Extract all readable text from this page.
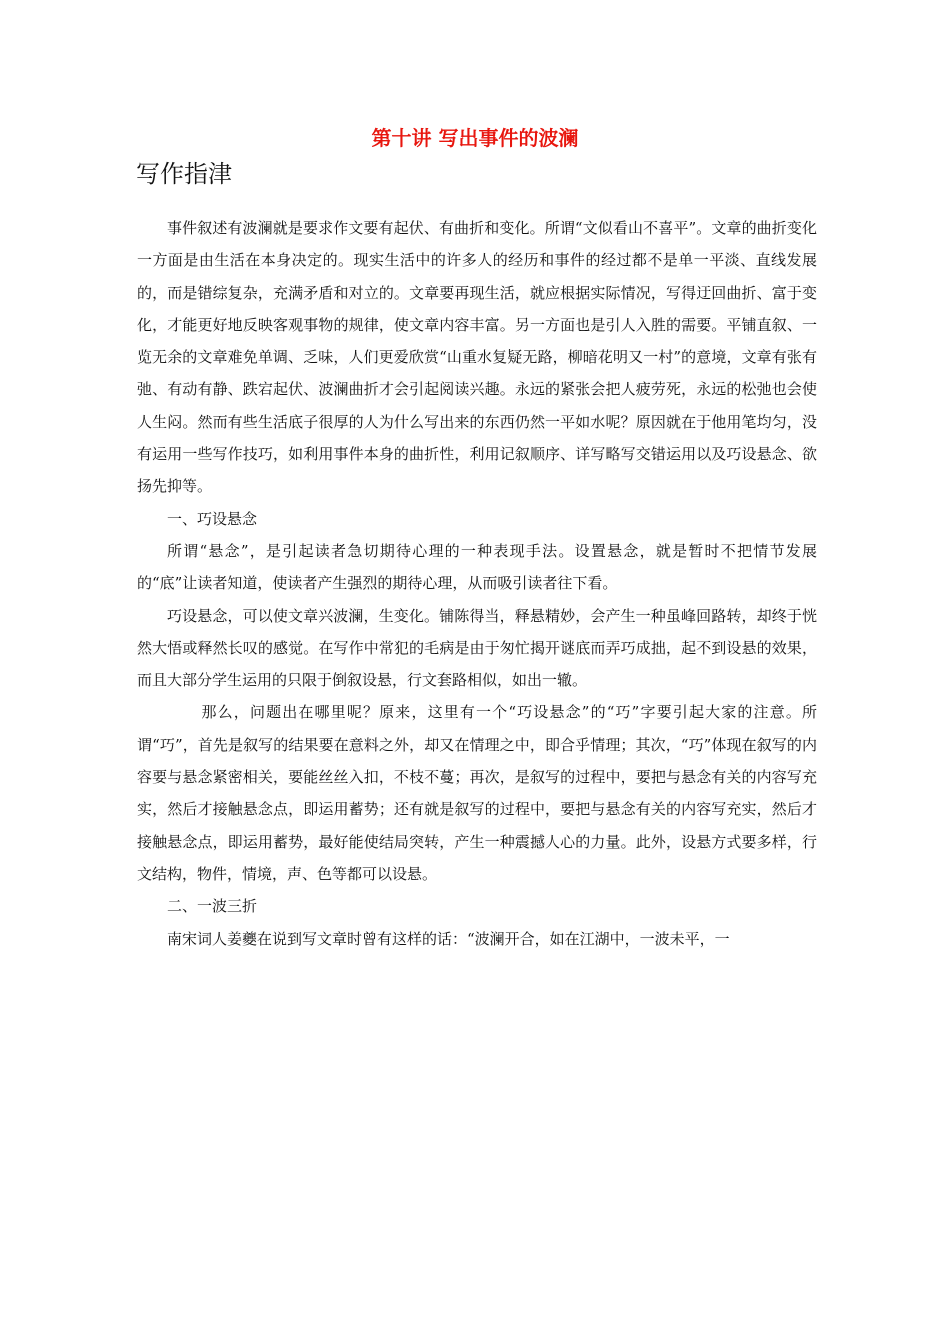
第十讲 写出事件的波澜
写作指津

事件叙述有波澜就是要求作文要有起伏、有曲折和变化。所谓“文似看山不喜平”。文章的曲折变化一方面是由生活在本身决定的。现实生活中的许多人的经历和事件的经过都不是单一平淡、直线发展的，而是错综复杂，充满矛盾和对立的。文章要再现生活，就应根据实际情况，写得迂回曲折、富于变化，才能更好地反映客观事物的规律，使文章内容丰富。另一方面也是引人入胜的需要。平铺直叙、一览无余的文章难免单调、乏味，人们更爱欣赏“山重水复疑无路，柳暗花明又一村”的意境，文章有张有弛、有动有静、跌宕起伏、波澜曲折才会引起阅读兴趣。永远的紧张会把人疲劳死，永远的松弛也会使人生闷。然而有些生活底子很厚的人为什么写出来的东西仍然一平如水呢？原因就在于他用笔均匀，没有运用一些写作技巧，如利用事件本身的曲折性，利用记叙顺序、详写略写交错运用以及巧设悬念、欲扬先抑等。

一、巧设悬念

所谓“悬念”，是引起读者急切期待心理的一种表现手法。设置悬念，就是暂时不把情节发展的“底”让读者知道，使读者产生强烈的期待心理，从而吸引读者往下看。

巧设悬念，可以使文章兴波澜，生变化。铺陈得当，释悬精妙，会产生一种虽峰回路转，却终于恍然大悟或释然长叹的感觉。在写作中常犯的毛病是由于匆忙揭开谜底而弄巧成拙，起不到设悬的效果，而且大部分学生运用的只限于倒叙设悬，行文套路相似，如出一辙。

那么，问题出在哪里呢？原来，这里有一个“巧设悬念”的“巧”字要引起大家的注意。所谓“巧”，首先是叙写的结果要在意料之外，却又在情理之中，即合乎情理；其次，“巧”体现在叙写的内容要与悬念紧密相关，要能丝丝入扣，不枝不蔓；再次，是叙写的过程中，要把与悬念有关的内容写充实，然后才接触悬念点，即运用蓄势；还有就是叙写的过程中，要把与悬念有关的内容写充实，然后才接触悬念点，即运用蓄势，最好能使结局突转，产生一种震撼人心的力量。此外，设悬方式要多样，行文结构，物件，情境，声、色等都可以设悬。

二、一波三折

南宋词人姜夔在说到写文章时曾有这样的话：“波澜开合，如在江湖中，一波未平，一
